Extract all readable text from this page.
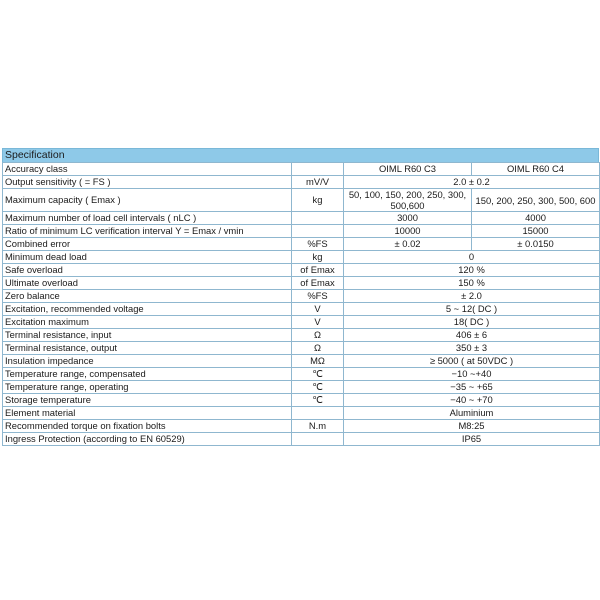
Specification
Accuracy class		OIML R60 C3	OIML R60 C4
Output sensitivity ( = FS )	mV/V	2.0 ± 0.2	
Maximum capacity ( Emax )	kg	50, 100, 150, 200, 250, 300, 500,600	150, 200, 250, 300, 500, 600
Maximum number of load cell intervals ( nLC )		3000	4000
Ratio of minimum LC verification interval Y = Emax / vmin		10000	15000
Combined error	%FS	± 0.02	± 0.0150
Minimum dead load	kg	0	
Safe overload	of Emax	120 %	
Ultimate overload	of Emax	150 %	
Zero balance	%FS	± 2.0	
Excitation, recommended voltage	V	5 ~ 12( DC )	
Excitation maximum	V	18( DC )	
Terminal resistance, input	Ω	406 ± 6	
Terminal resistance, output	Ω	350 ± 3	
Insulation impedance	MΩ	≥ 5000 ( at 50VDC )	
Temperature range, compensated	℃	−10 ~+40	
Temperature range, operating	℃	−35 ~ +65	
Storage temperature	℃	−40 ~ +70	
Element material		Aluminium	
Recommended torque on fixation bolts	N.m	M8:25	
Ingress Protection (according to EN 60529)		IP65	
